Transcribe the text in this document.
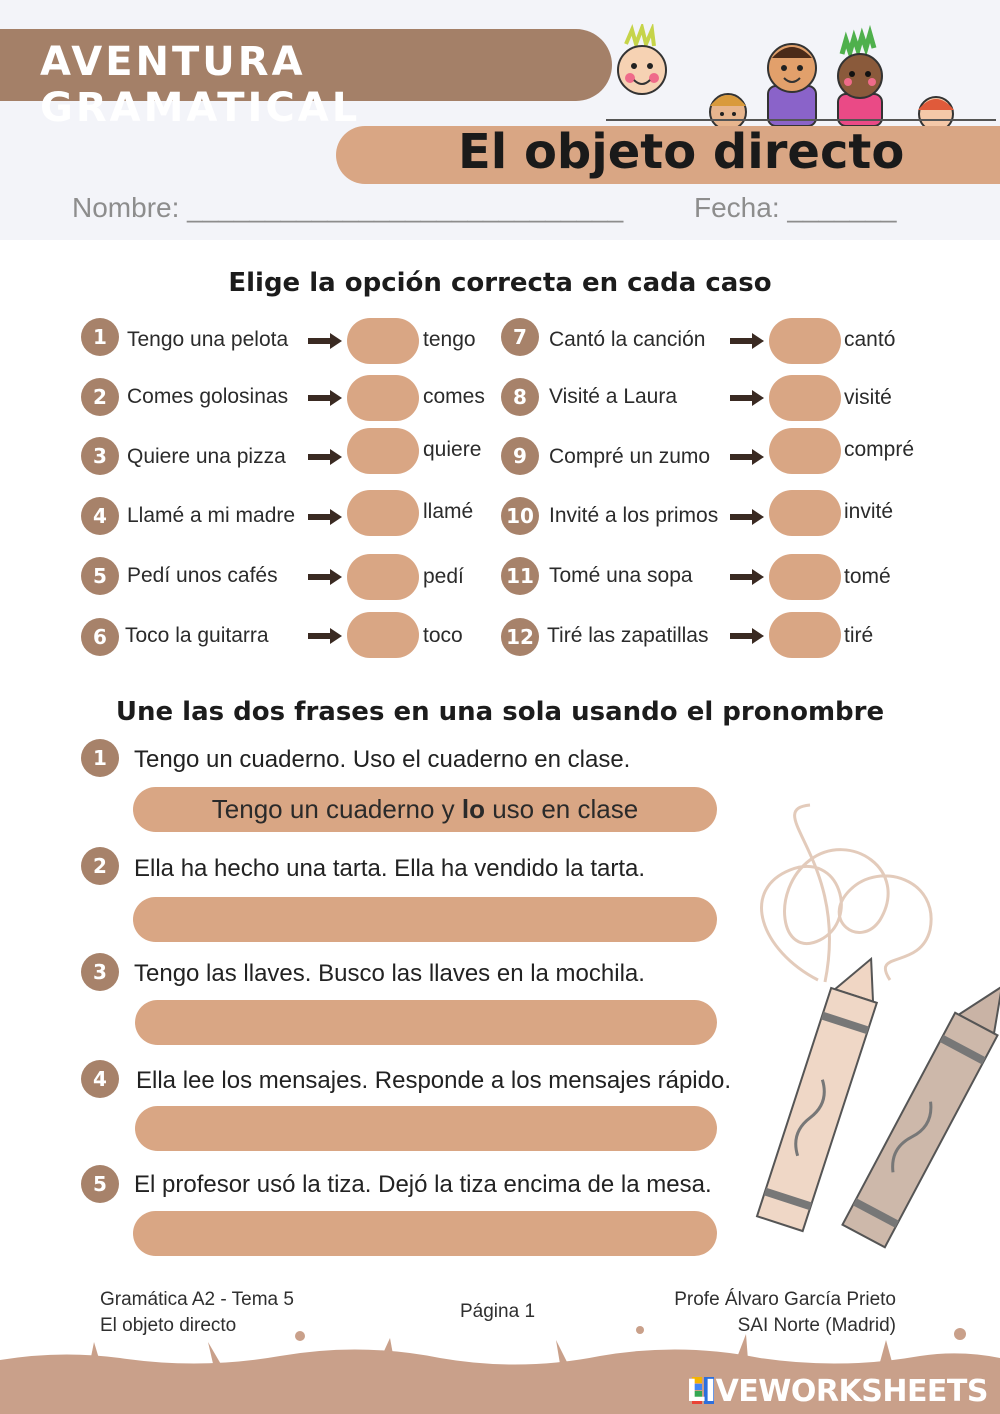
AVENTURA GRAMATICAL
El objeto directo
Nombre: ____________________________	Fecha: _______
Elige la opción correcta en cada caso
1 Tengo una pelota	tengo
2 Comes golosinas	comes
3 Quiere una pizza	quiere
4 Llamé a mi madre	llamé
5 Pedí unos cafés	pedí
6 Toco la guitarra	toco
7	Cantó la canción	cantó
8	Visité a Laura	visité
9	Compré un zumo	compré
10 Invité a los primos	invité
11 Tomé una sopa	tomé
12 Tiré las zapatillas	tiré
Une las dos frases en una sola usando el pronombre
1	Tengo un cuaderno. Uso el cuaderno en clase.
Tengo un cuaderno y lo uso en clase
2	Ella ha hecho una tarta. Ella ha vendido la tarta.
3	Tengo las llaves. Busco las llaves en la mochila.
4	Ella lee los mensajes. Responde a los mensajes rápido.
5	El profesor usó la tiza. Dejó la tiza encima de la mesa.
Gramática A2 - Tema 5
El objeto directo
Página 1
Profe Álvaro García Prieto
SAI Norte (Madrid)
LIVEWORKSHEETS
